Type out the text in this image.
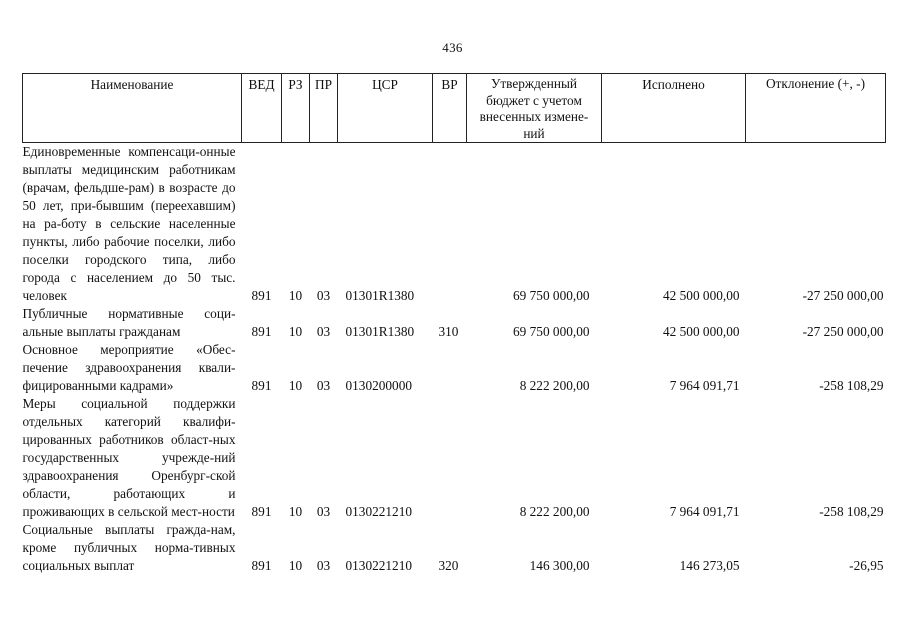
436
Наименование	ВЕД	РЗ	ПР	ЦСР	ВР	Утвержденный бюджет с учетом внесенных измене-ний	Исполнено	Отклонение (+, -)
Единовременные компенсаци-онные выплаты медицинским работникам (врачам, фельдше-рам) в возрасте до 50 лет, при-бывшим (переехавшим) на ра-боту в сельские населенные пункты, либо рабочие поселки, либо поселки городского типа, либо города с населением до 50 тыс. человек	891	10	03	01301R1380		69 750 000,00	42 500 000,00	-27 250 000,00
Публичные нормативные соци-альные выплаты гражданам	891	10	03	01301R1380	310	69 750 000,00	42 500 000,00	-27 250 000,00
Основное мероприятие «Обес-печение здравоохранения квали-фицированными кадрами»	891	10	03	0130200000		8 222 200,00	7 964 091,71	-258 108,29
Меры социальной поддержки отдельных категорий квалифи-цированных работников област-ных государственных учрежде-ний здравоохранения Оренбург-ской области, работающих и проживающих в сельской мест-ности	891	10	03	0130221210		8 222 200,00	7 964 091,71	-258 108,29
Социальные выплаты гражда-нам, кроме публичных норма-тивных социальных выплат	891	10	03	0130221210	320	146 300,00	146 273,05	-26,95
